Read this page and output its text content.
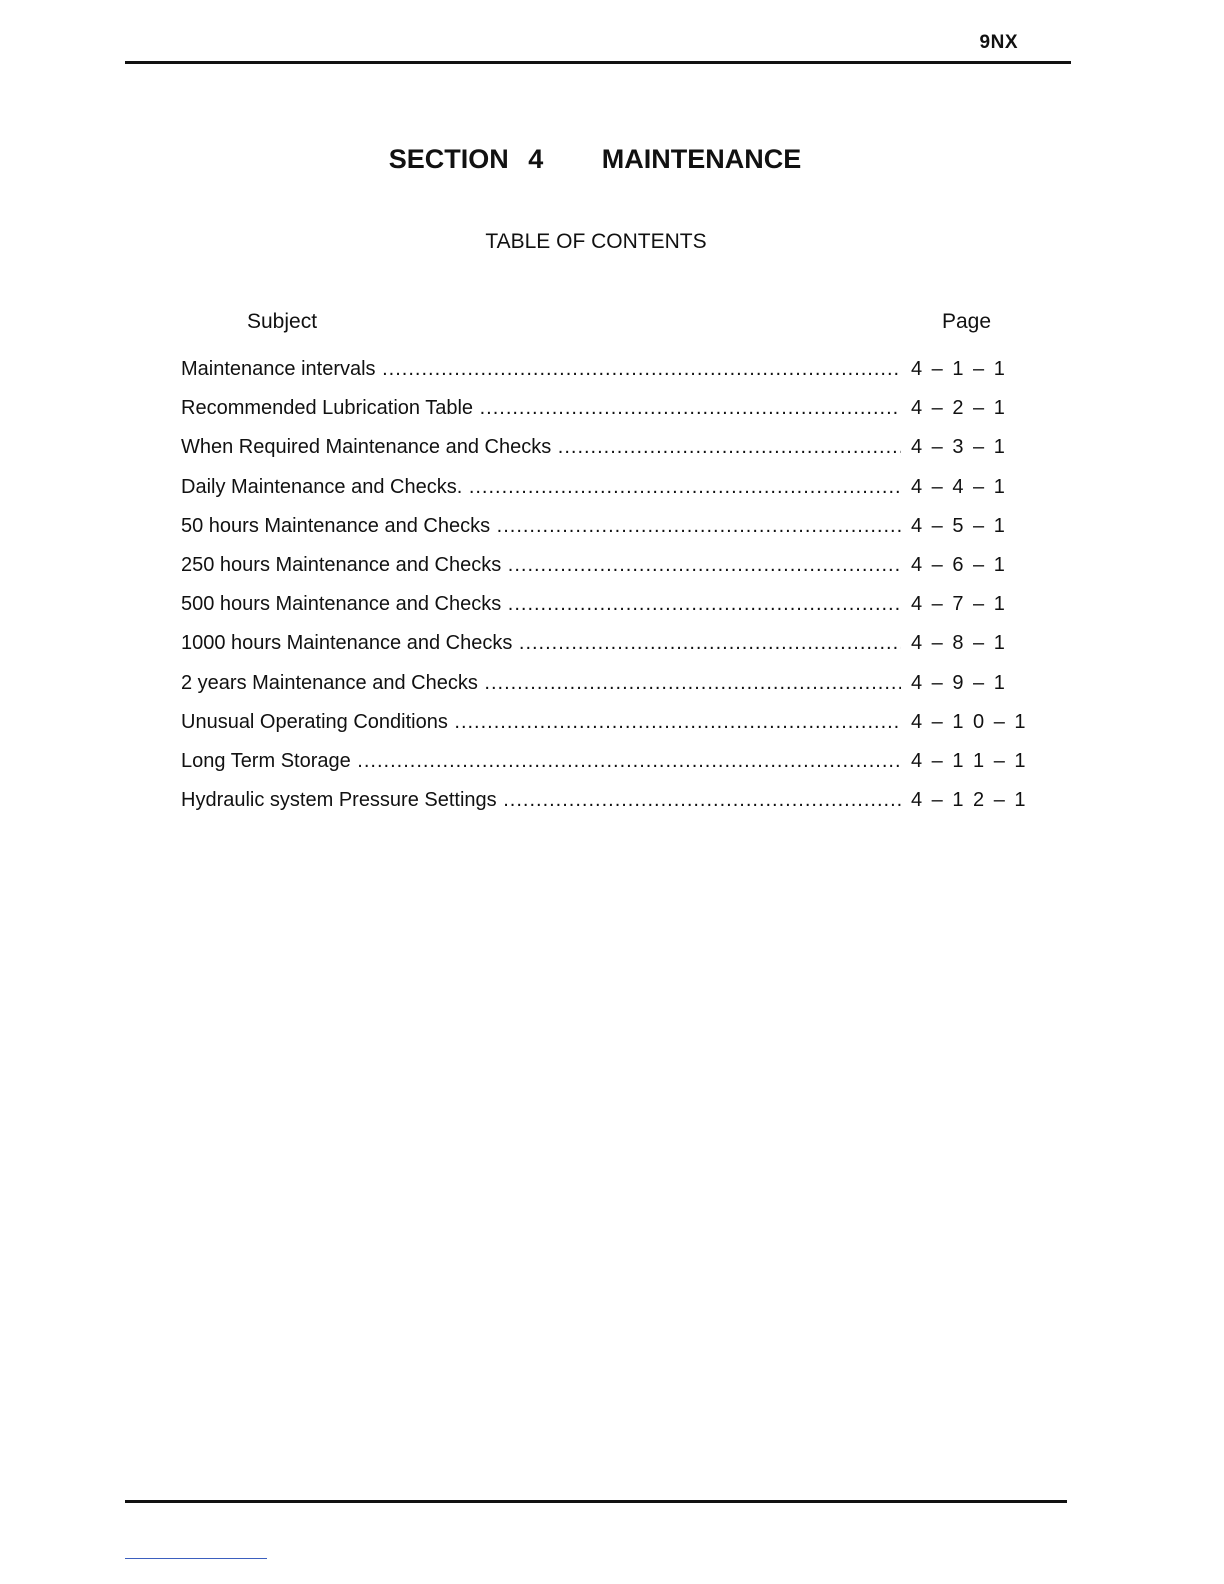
9NX
SECTION 4   MAINTENANCE
TABLE OF CONTENTS
Subject	Page
Maintenance intervals .....	4 – 1 – 1
Recommended Lubrication Table .....	4 – 2 – 1
When Required Maintenance and Checks .....	4 – 3 – 1
Daily Maintenance and Checks. .....	4 – 4 – 1
50 hours Maintenance and Checks .....	4 – 5 – 1
250 hours Maintenance and Checks .....	4 – 6 – 1
500 hours Maintenance and Checks .....	4 – 7 – 1
1000 hours Maintenance and Checks .....	4 – 8 – 1
2 years Maintenance and Checks .....	4 – 9 – 1
Unusual Operating Conditions .....	4 – 1 0 – 1
Long Term Storage .....	4 – 1 1 – 1
Hydraulic system Pressure Settings .....	4 – 1 2 – 1
